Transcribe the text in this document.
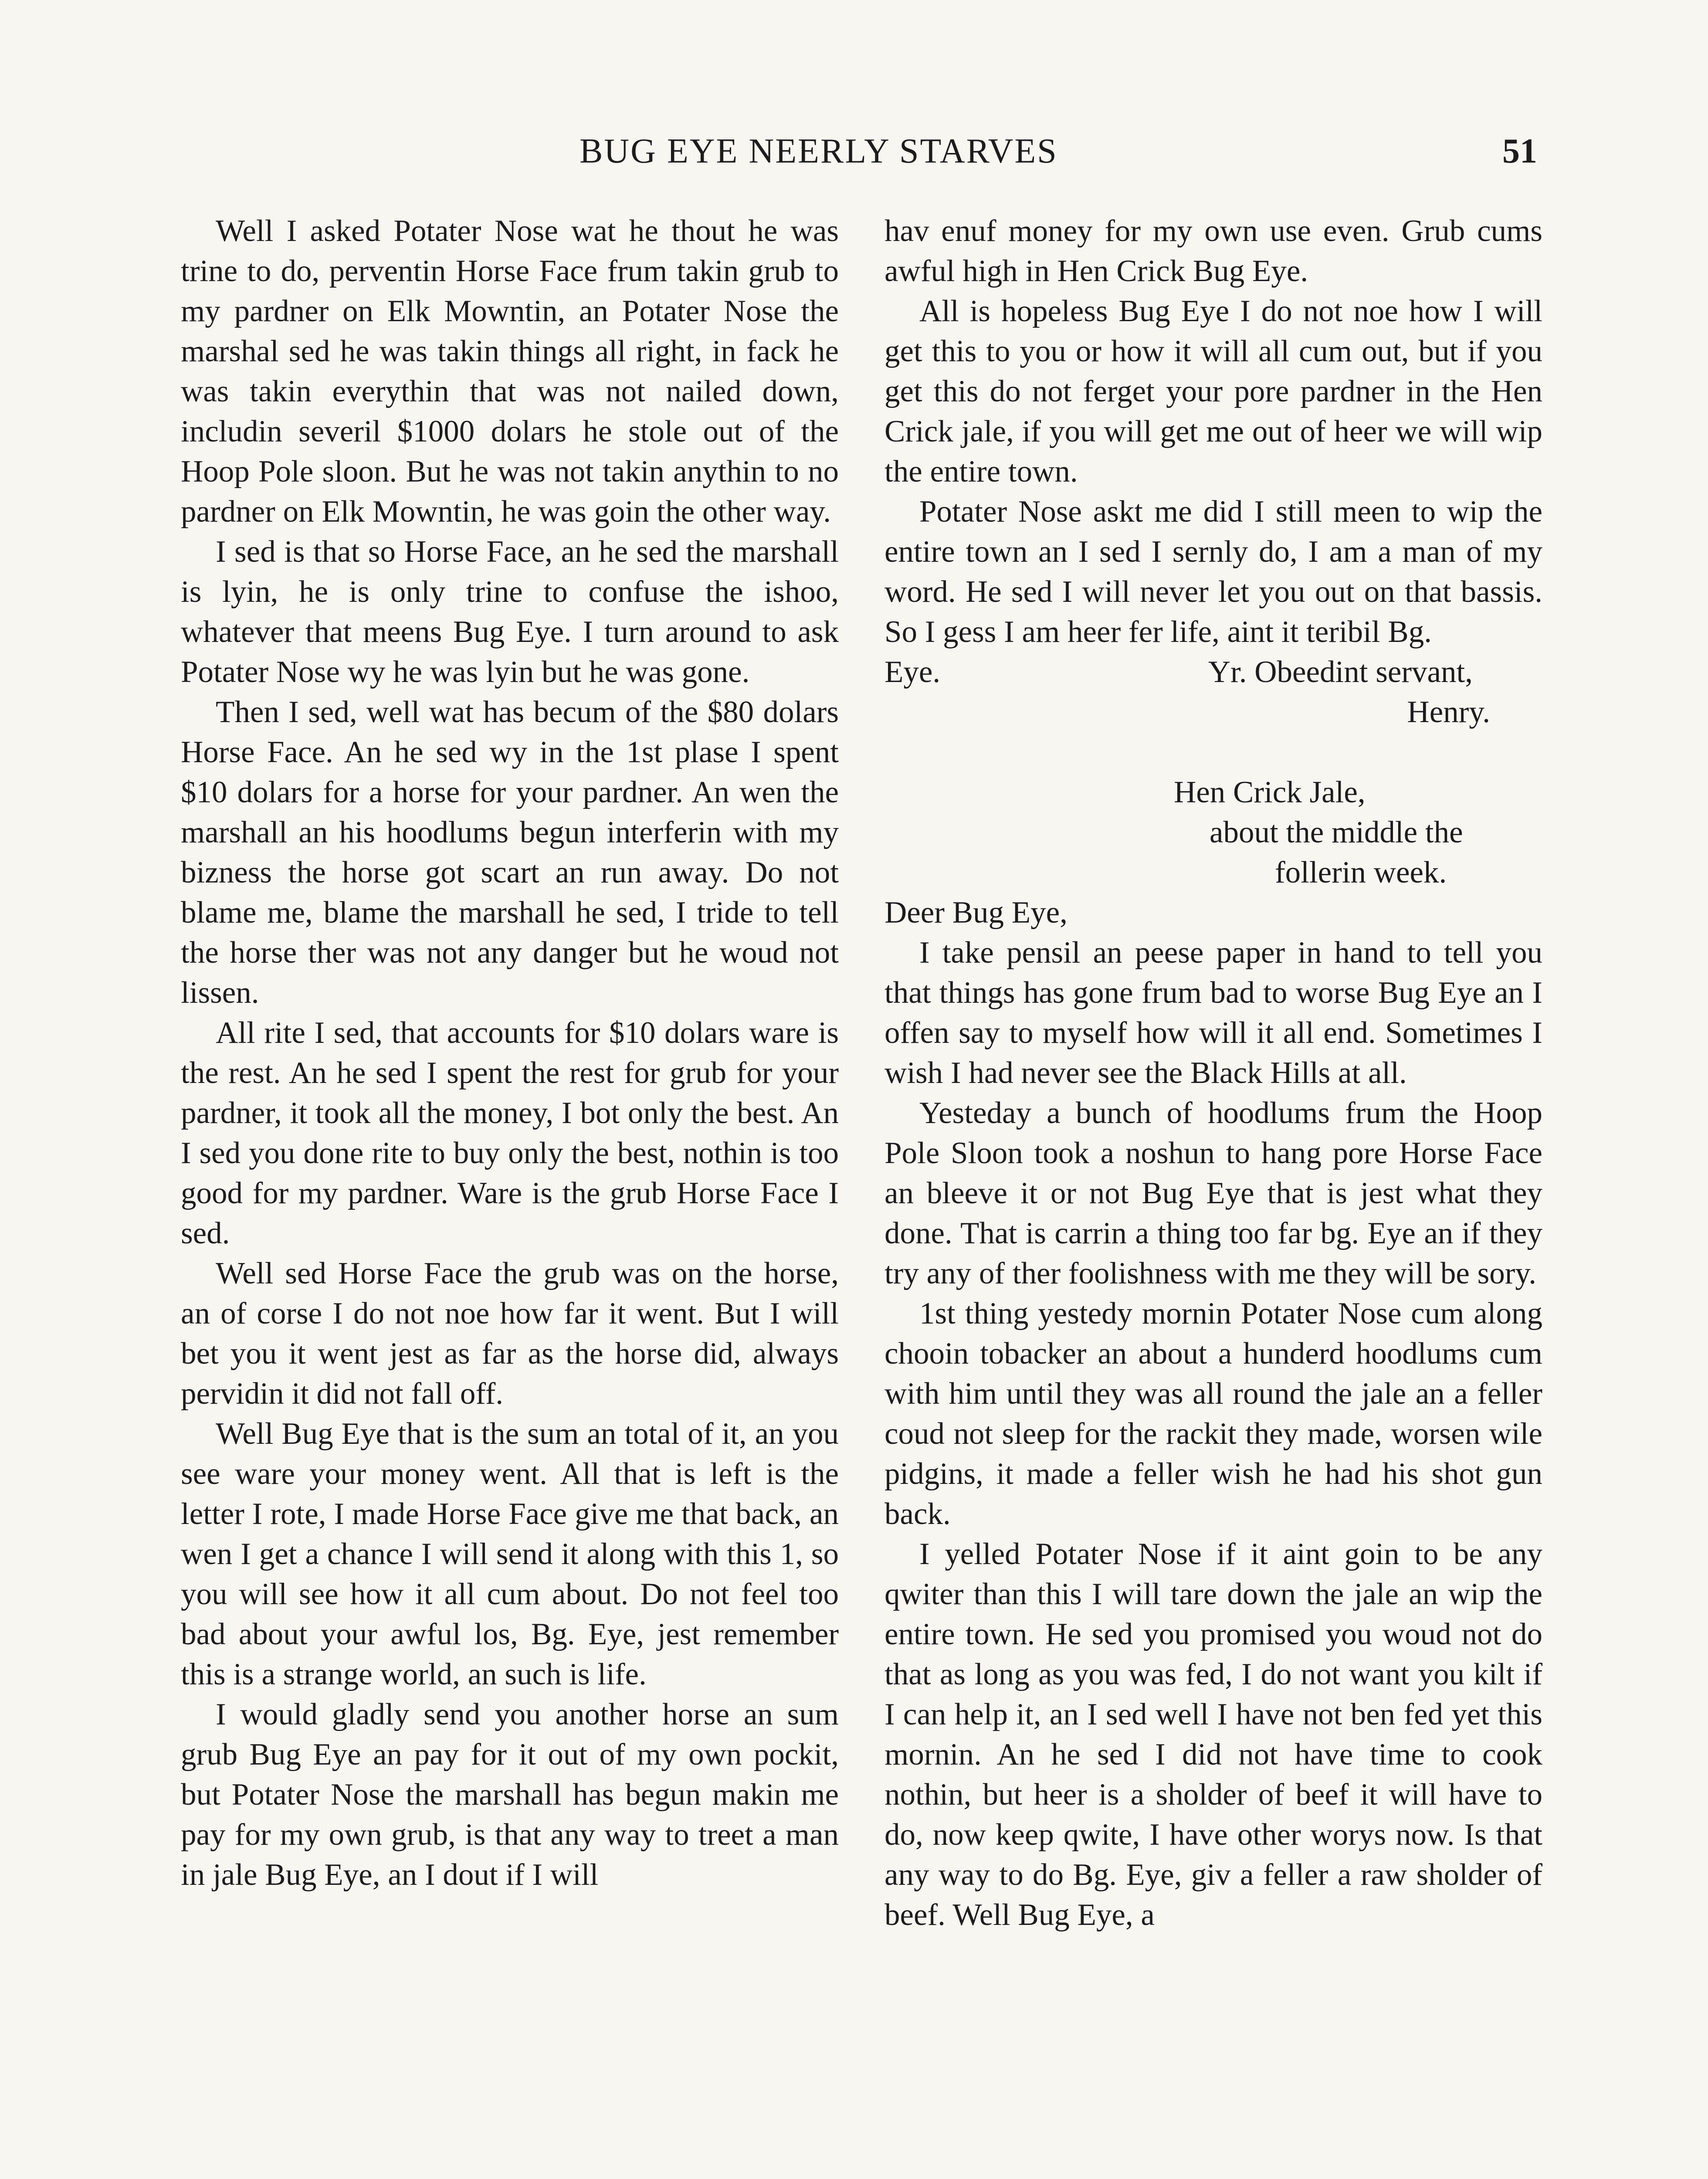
BUG EYE NEERLY STARVES	51

Well I asked Potater Nose wat he thout he was trine to do, perventin Horse Face frum takin grub to my pardner on Elk Mowntin, an Potater Nose the marshal sed he was takin things all right, in fack he was takin everythin that was not nailed down, includin severil $1000 dolars he stole out of the Hoop Pole sloon. But he was not takin anythin to no pardner on Elk Mowntin, he was goin the other way.

I sed is that so Horse Face, an he sed the marshall is lyin, he is only trine to confuse the ishoo, whatever that meens Bug Eye. I turn around to ask Potater Nose wy he was lyin but he was gone.

Then I sed, well wat has becum of the $80 dolars Horse Face. An he sed wy in the 1st plase I spent $10 dolars for a horse for your pardner. An wen the marshall an his hoodlums begun interferin with my bizness the horse got scart an run away. Do not blame me, blame the marshall he sed, I tride to tell the horse ther was not any danger but he woud not lissen.

All rite I sed, that accounts for $10 dolars ware is the rest. An he sed I spent the rest for grub for your pardner, it took all the money, I bot only the best. An I sed you done rite to buy only the best, nothin is too good for my pardner. Ware is the grub Horse Face I sed.

Well sed Horse Face the grub was on the horse, an of corse I do not noe how far it went. But I will bet you it went jest as far as the horse did, always pervidin it did not fall off.

Well Bug Eye that is the sum an total of it, an you see ware your money went. All that is left is the letter I rote, I made Horse Face give me that back, an wen I get a chance I will send it along with this 1, so you will see how it all cum about. Do not feel too bad about your awful los, Bg. Eye, jest remember this is a strange world, an such is life.

I would gladly send you another horse an sum grub Bug Eye an pay for it out of my own pockit, but Potater Nose the marshall has begun makin me pay for my own grub, is that any way to treet a man in jale Bug Eye, an I dout if I will

hav enuf money for my own use even. Grub cums awful high in Hen Crick Bug Eye.

All is hopeless Bug Eye I do not noe how I will get this to you or how it will all cum out, but if you get this do not ferget your pore pardner in the Hen Crick jale, if you will get me out of heer we will wip the entire town.

Potater Nose askt me did I still meen to wip the entire town an I sed I sernly do, I am a man of my word. He sed I will never let you out on that bassis. So I gess I am heer fer life, aint it teribil Bg.

Eye.	Yr. Obeedint servant,

Henry.

Hen Crick Jale,
about the middle the
follerin week.

Deer Bug Eye,

I take pensil an peese paper in hand to tell you that things has gone frum bad to worse Bug Eye an I offen say to myself how will it all end. Sometimes I wish I had never see the Black Hills at all.

Yesteday a bunch of hoodlums frum the Hoop Pole Sloon took a noshun to hang pore Horse Face an bleeve it or not Bug Eye that is jest what they done. That is carrin a thing too far bg. Eye an if they try any of ther foolishness with me they will be sory.

1st thing yestedy mornin Potater Nose cum along chooin tobacker an about a hunderd hoodlums cum with him until they was all round the jale an a feller coud not sleep for the rackit they made, worsen wile pidgins, it made a feller wish he had his shot gun back.

I yelled Potater Nose if it aint goin to be any qwiter than this I will tare down the jale an wip the entire town. He sed you promised you woud not do that as long as you was fed, I do not want you kilt if I can help it, an I sed well I have not ben fed yet this mornin. An he sed I did not have time to cook nothin, but heer is a sholder of beef it will have to do, now keep qwite, I have other worys now. Is that any way to do Bg. Eye, giv a feller a raw sholder of beef. Well Bug Eye, a
